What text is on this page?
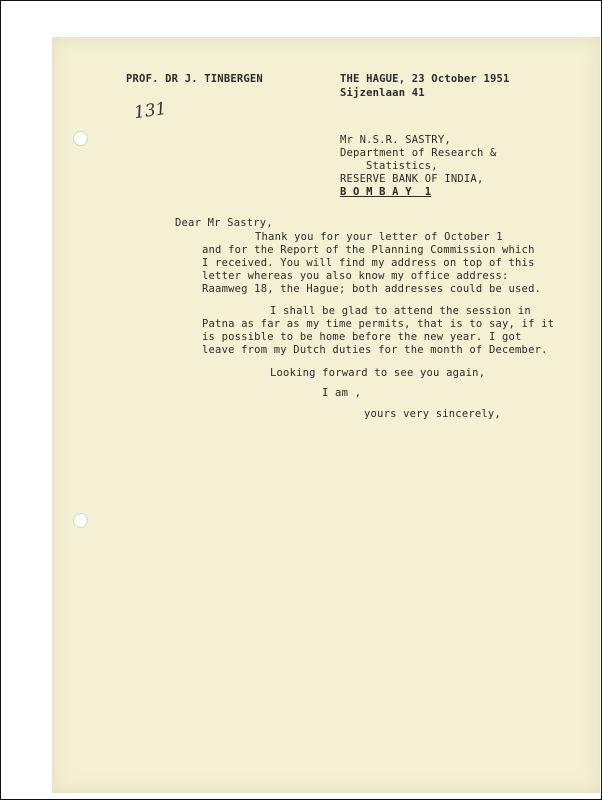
PROF. DR J. TINBERGEN	THE HAGUE, 23 October 1951
Sijzenlaan 41
131
Mr N.S.R. SASTRY,
Department of Research &
Statistics,
RESERVE BANK OF INDIA,
B O M B A Y  1
Dear Mr Sastry,
Thank you for your letter of October 1
and for the Report of the Planning Commission which
I received. You will find my address on top of this
letter whereas you also know my office address:
Raamweg 18, the Hague; both addresses could be used.
I shall be glad to attend the session in
Patna as far as my time permits, that is to say, if it
is possible to be home before the new year. I got
leave from my Dutch duties for the month of December.
Looking forward to see you again,
I am ,
yours very sincerely,
